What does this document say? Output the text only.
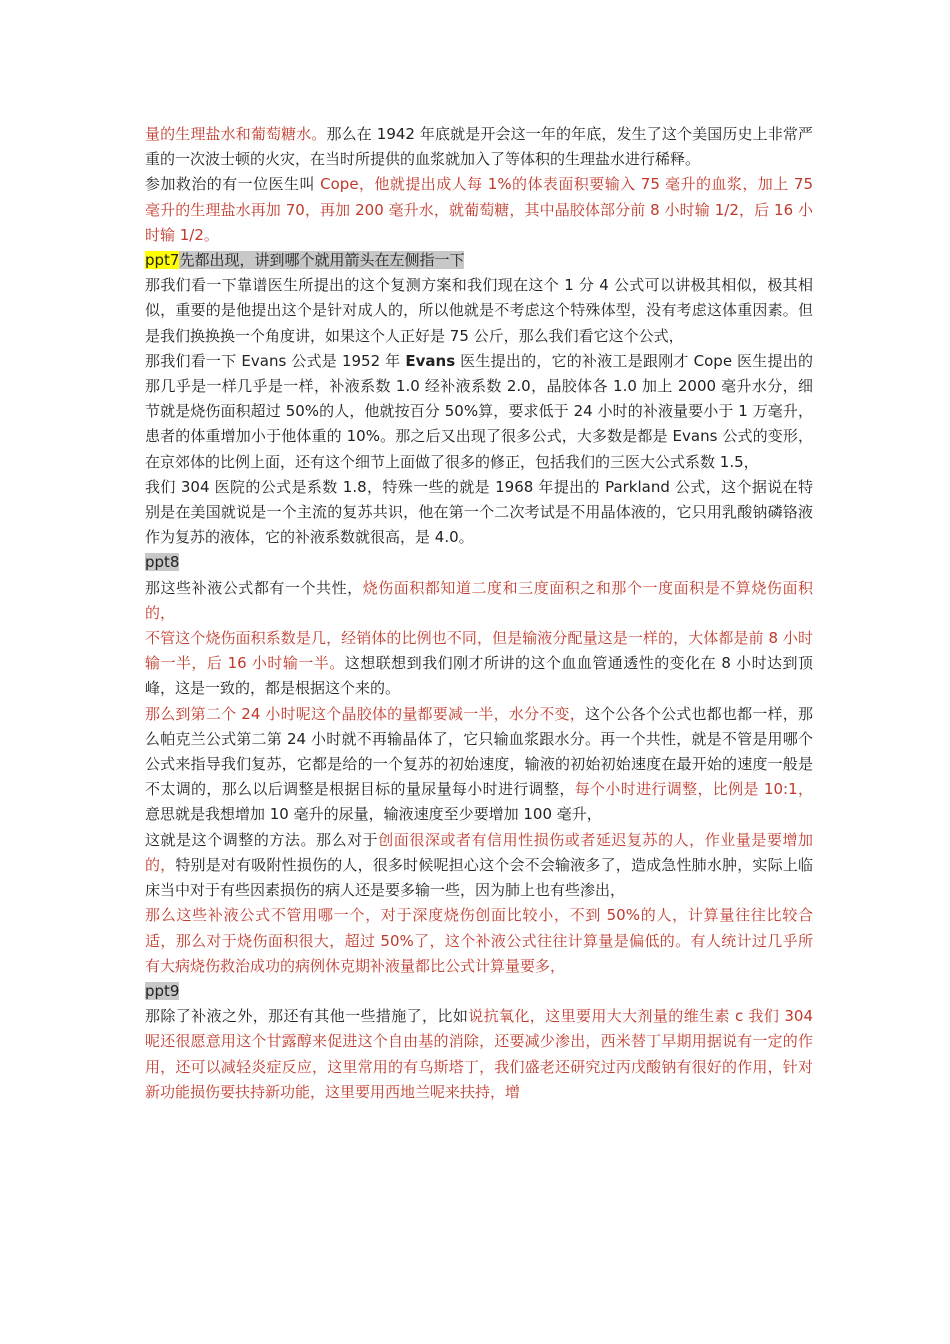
量的生理盐水和葡萄糖水。那么在 1942 年底就是开会这一年的年底，发生了这个美国历史上非常严重的一次波士顿的火灾，在当时所提供的血浆就加入了等体积的生理盐水进行稀释。

参加救治的有一位医生叫 Cope，他就提出成人每 1%的体表面积要输入 75 毫升的血浆，加上 75 毫升的生理盐水再加 70，再加 200 毫升水，就葡萄糖，其中晶胶体部分前 8 小时输 1/2，后 16 小时输 1/2。

ppt7先都出现，讲到哪个就用箭头在左侧指一下

那我们看一下靠谱医生所提出的这个复测方案和我们现在这个 1 分 4 公式可以讲极其相似，极其相似，重要的是他提出这个是针对成人的，所以他就是不考虑这个特殊体型，没有考虑这体重因素。但是我们换换换一个角度讲，如果这个人正好是 75 公斤，那么我们看它这个公式，

那我们看一下 Evans 公式是 1952 年 Evans 医生提出的，它的补液工是跟刚才 Cope 医生提出的那几乎是一样几乎是一样，补液系数 1.0 经补液系数 2.0，晶胶体各 1.0 加上 2000 毫升水分，细节就是烧伤面积超过 50%的人，他就按百分 50%算，要求低于 24 小时的补液量要小于 1 万毫升，患者的体重增加小于他体重的 10%。那之后又出现了很多公式，大多数是都是 Evans 公式的变形，在京郊体的比例上面，还有这个细节上面做了很多的修正，包括我们的三医大公式系数 1.5，

我们 304 医院的公式是系数 1.8，特殊一些的就是 1968 年提出的 Parkland 公式，这个据说在特别是在美国就说是一个主流的复苏共识，他在第一个二次考试是不用晶体液的，它只用乳酸钠磷铬液作为复苏的液体，它的补液系数就很高，是 4.0。

ppt8

那这些补液公式都有一个共性，烧伤面积都知道二度和三度面积之和那个一度面积是不算烧伤面积的，

不管这个烧伤面积系数是几，经销体的比例也不同，但是输液分配量这是一样的，大体都是前 8 小时输一半，后 16 小时输一半。这想联想到我们刚才所讲的这个血血管通透性的变化在 8 小时达到顶峰，这是一致的，都是根据这个来的。

那么到第二个 24 小时呢这个晶胶体的量都要减一半，水分不变，这个公各个公式也都也都一样，那么帕克兰公式第二第 24 小时就不再输晶体了，它只输血浆跟水分。再一个共性，就是不管是用哪个公式来指导我们复苏，它都是给的一个复苏的初始速度，输液的初始初始速度在最开始的速度一般是不太调的，那么以后调整是根据目标的量尿量每小时进行调整，每个小时进行调整，比例是 10:1，意思就是我想增加 10 毫升的尿量，输液速度至少要增加 100 毫升，

这就是这个调整的方法。那么对于创面很深或者有信用性损伤或者延迟复苏的人，作业量是要增加的，特别是对有吸附性损伤的人，很多时候呢担心这个会不会输液多了，造成急性肺水肿，实际上临床当中对于有些因素损伤的病人还是要多输一些，因为肺上也有些渗出，

那么这些补液公式不管用哪一个，对于深度烧伤创面比较小，不到 50%的人，计算量往往比较合适，那么对于烧伤面积很大，超过 50%了，这个补液公式往往计算量是偏低的。有人统计过几乎所有大病烧伤救治成功的病例休克期补液量都比公式计算量要多，

ppt9

那除了补液之外，那还有其他一些措施了，比如说抗氧化，这里要用大大剂量的维生素 c 我们 304 呢还很愿意用这个甘露醇来促进这个自由基的消除，还要减少渗出，西米替丁早期用据说有一定的作用，还可以减轻炎症反应，这里常用的有乌斯塔丁，我们盛老还研究过丙戊酸钠有很好的作用，针对新功能损伤要扶持新功能，这里要用西地兰呢来扶持，增
